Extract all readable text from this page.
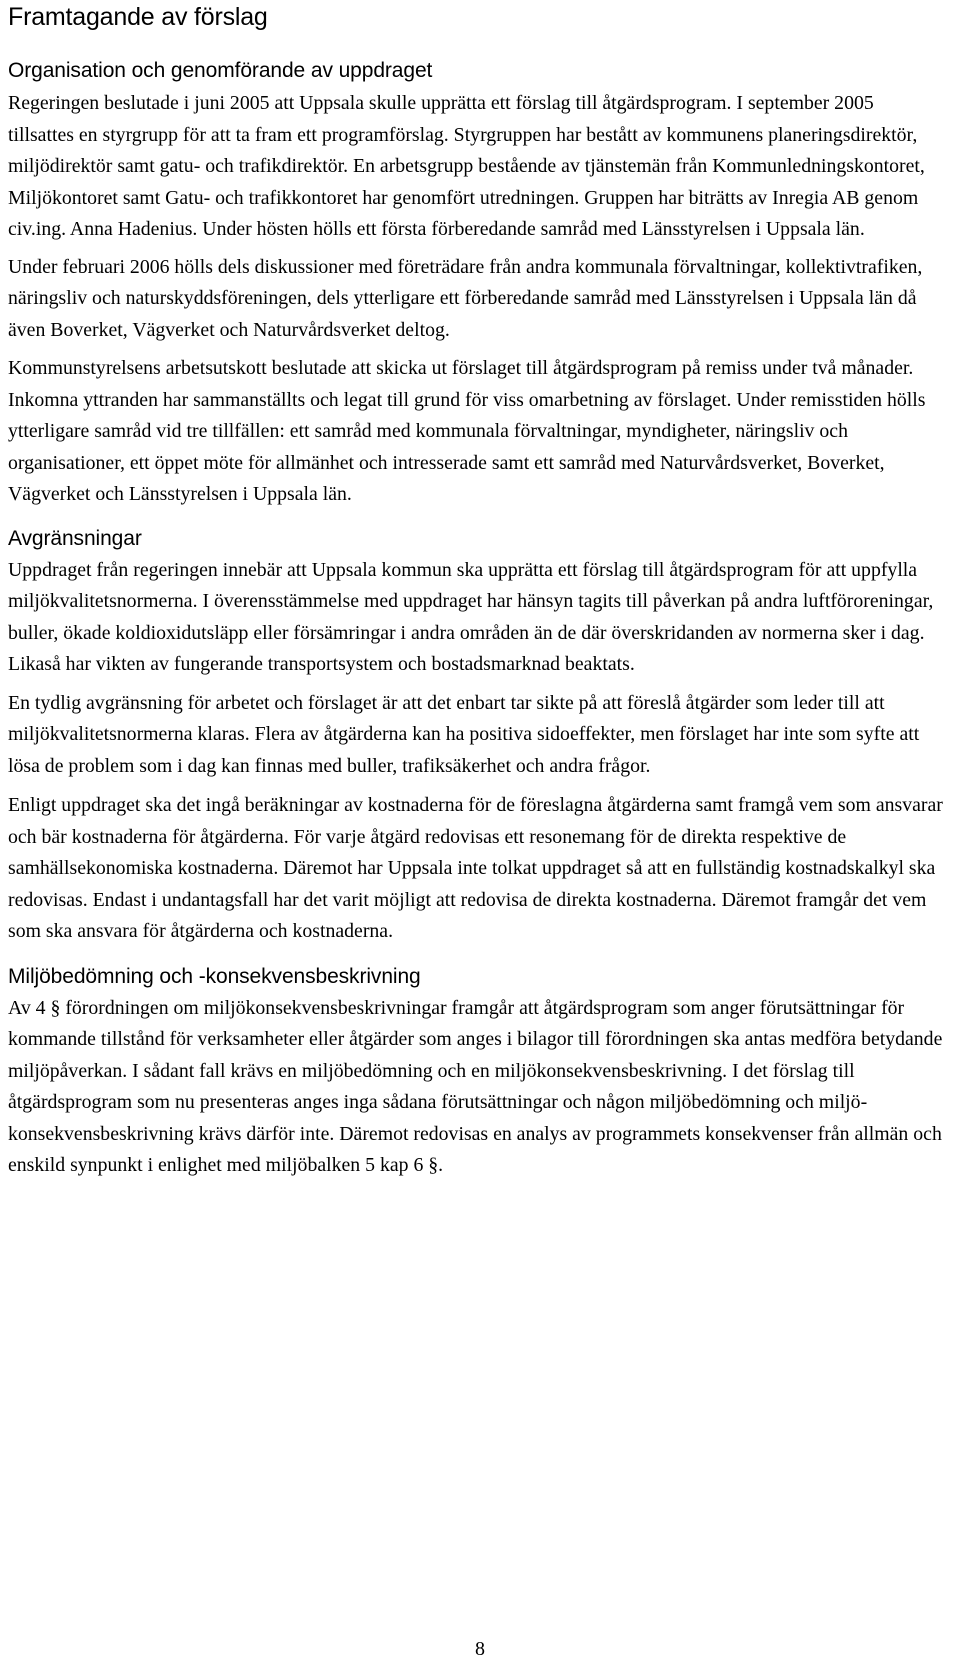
Framtagande av förslag
Organisation och genomförande av uppdraget

Regeringen beslutade i juni 2005 att Uppsala skulle upprätta ett förslag till åtgärdsprogram. I september 2005 tillsattes en styrgrupp för att ta fram ett programförslag. Styrgruppen har bestått av kommunens planeringsdirektör, miljödirektör samt gatu- och trafikdirektör. En arbetsgrupp bestående av tjänstemän från Kommunledningskontoret, Miljökontoret samt Gatu- och trafikkontoret har genomfört utredningen. Gruppen har biträtts av Inregia AB genom civ.ing. Anna Hadenius. Under hösten hölls ett första förberedande samråd med Länsstyrelsen i Uppsala län.

Under februari 2006 hölls dels diskussioner med företrädare från andra kommunala förvaltningar, kollektivtrafiken, näringsliv och naturskyddsföreningen, dels ytterligare ett förberedande samråd med Länsstyrelsen i Uppsala län då även Boverket, Vägverket och Naturvårdsverket deltog.

Kommunstyrelsens arbetsutskott beslutade att skicka ut förslaget till åtgärdsprogram på remiss under två månader. Inkomna yttranden har sammanställts och legat till grund för viss omarbetning av förslaget. Under remisstiden hölls ytterligare samråd vid tre tillfällen: ett samråd med kommunala förvaltningar, myndigheter, näringsliv och organisationer, ett öppet möte för allmänhet och intresserade samt ett samråd med Naturvårdsverket, Boverket, Vägverket och Länsstyrelsen i Uppsala län.

Avgränsningar

Uppdraget från regeringen innebär att Uppsala kommun ska upprätta ett förslag till åtgärdsprogram för att uppfylla miljökvalitetsnormerna. I överensstämmelse med uppdraget har hänsyn tagits till påverkan på andra luftföroreningar, buller, ökade koldioxidutsläpp eller försämringar i andra områden än de där överskridanden av normerna sker i dag. Likaså har vikten av fungerande transportsystem och bostadsmarknad beaktats.

En tydlig avgränsning för arbetet och förslaget är att det enbart tar sikte på att föreslå åtgärder som leder till att miljökvalitetsnormerna klaras. Flera av åtgärderna kan ha positiva sidoeffekter, men förslaget har inte som syfte att lösa de problem som i dag kan finnas med buller, trafiksäkerhet och andra frågor.

Enligt uppdraget ska det ingå beräkningar av kostnaderna för de föreslagna åtgärderna samt framgå vem som ansvarar och bär kostnaderna för åtgärderna. För varje åtgärd redovisas ett resonemang för de direkta respektive de samhällsekonomiska kostnaderna. Däremot har Uppsala inte tolkat uppdraget så att en fullständig kostnadskalkyl ska redovisas. Endast i undantagsfall har det varit möjligt att redovisa de direkta kostnaderna. Däremot framgår det vem som ska ansvara för åtgärderna och kostnaderna.

Miljöbedömning och -konsekvensbeskrivning

Av 4 § förordningen om miljökonsekvensbeskrivningar framgår att åtgärdsprogram som anger förutsättningar för kommande tillstånd för verksamheter eller åtgärder som anges i bilagor till förordningen ska antas medföra betydande miljöpåverkan. I sådant fall krävs en miljöbedömning och en miljökonsekvensbeskrivning. I det förslag till åtgärdsprogram som nu presenteras anges inga sådana förutsättningar och någon miljöbedömning och miljö-konsekvensbeskrivning krävs därför inte. Däremot redovisas en analys av programmets konsekvenser från allmän och enskild synpunkt i enlighet med miljöbalken 5 kap 6 §.

8
